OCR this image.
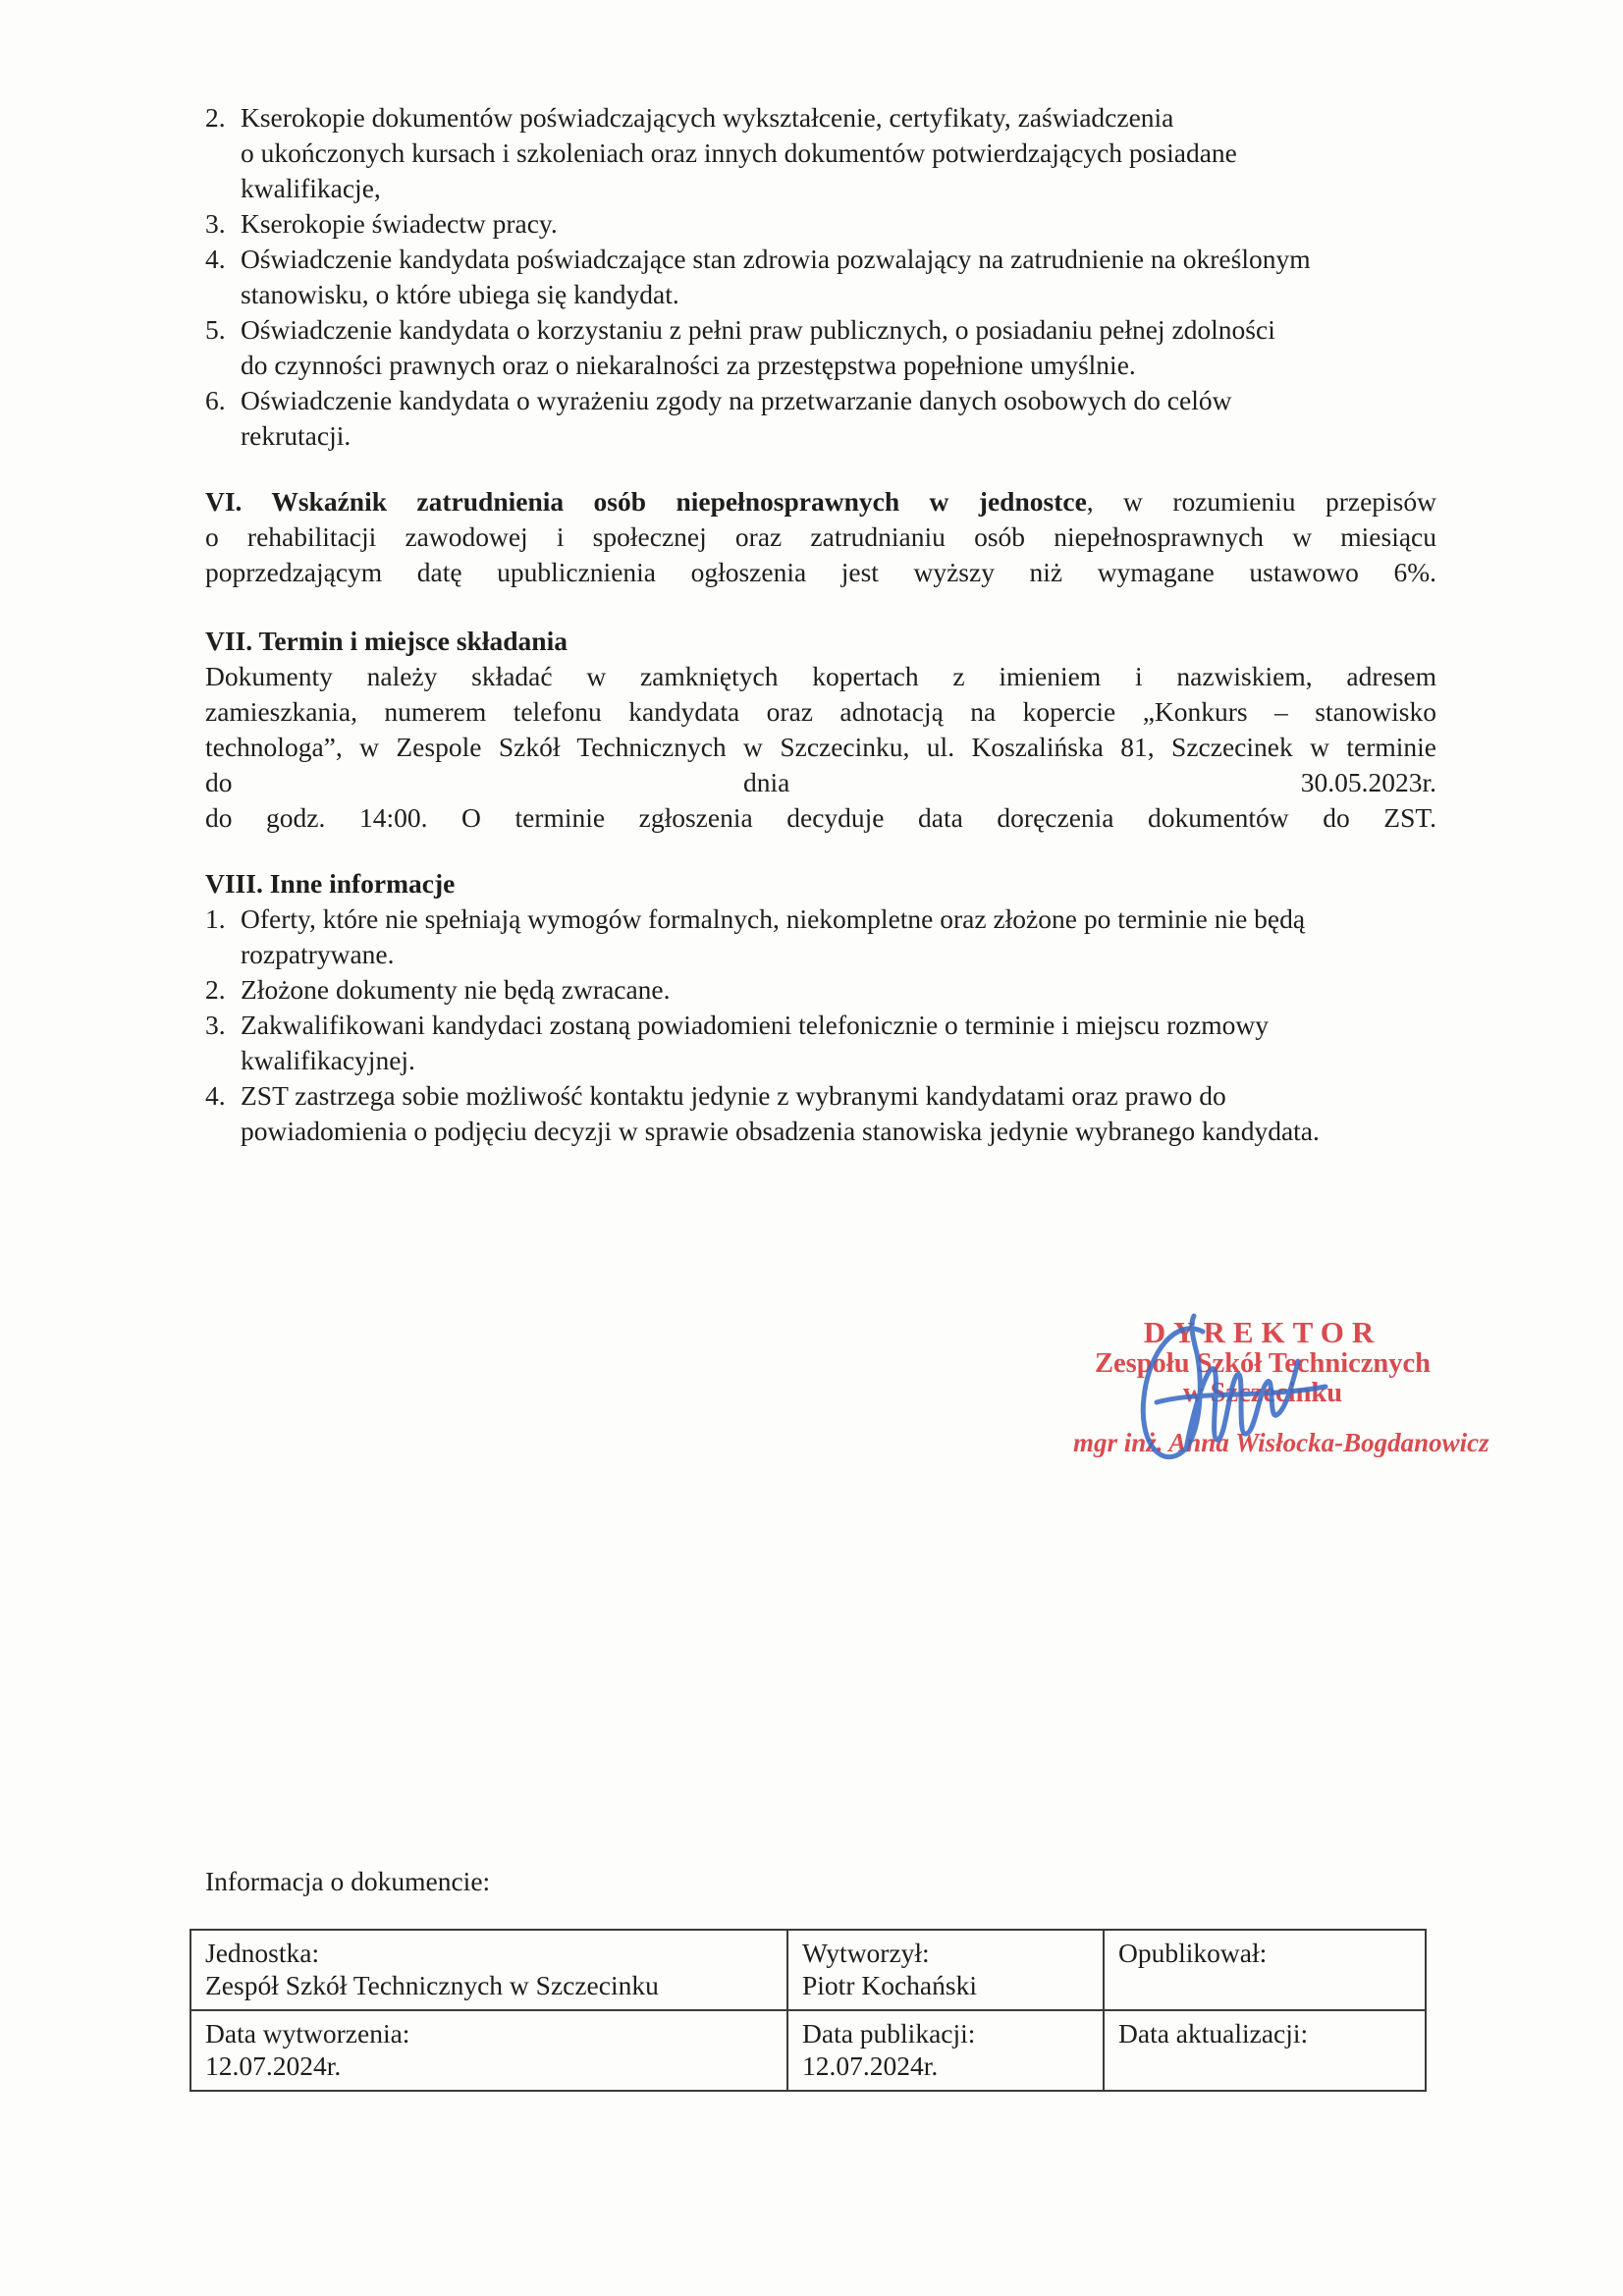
2. Kserokopie dokumentów poświadczających wykształcenie, certyfikaty, zaświadczenia
o ukończonych kursach i szkoleniach oraz innych dokumentów potwierdzających posiadane
kwalifikacje,
3. Kserokopie świadectw pracy.
4. Oświadczenie kandydata poświadczające stan zdrowia pozwalający na zatrudnienie na określonym
stanowisku, o które ubiega się kandydat.
5. Oświadczenie kandydata o korzystaniu z pełni praw publicznych, o posiadaniu pełnej zdolności
do czynności prawnych oraz o niekaralności za przestępstwa popełnione umyślnie.
6. Oświadczenie kandydata o wyrażeniu zgody na przetwarzanie danych osobowych do celów
rekrutacji.
VI. Wskaźnik zatrudnienia osób niepełnosprawnych w jednostce, w rozumieniu przepisów
o rehabilitacji zawodowej i społecznej oraz zatrudnianiu osób niepełnosprawnych w miesiącu
poprzedzającym datę upublicznienia ogłoszenia jest wyższy niż wymagane ustawowo 6%.
VII. Termin i miejsce składania
Dokumenty należy składać w zamkniętych kopertach z imieniem i nazwiskiem, adresem
zamieszkania, numerem telefonu kandydata oraz adnotacją na kopercie „Konkurs – stanowisko
technologa”, w Zespole Szkół Technicznych w Szczecinku, ul. Koszalińska 81, Szczecinek w terminie
do dnia 30.05.2023r.
do godz. 14:00. O terminie zgłoszenia decyduje data doręczenia dokumentów do ZST.
VIII. Inne informacje
1. Oferty, które nie spełniają wymogów formalnych, niekompletne oraz złożone po terminie nie będą
rozpatrywane.
2. Złożone dokumenty nie będą zwracane.
3. Zakwalifikowani kandydaci zostaną powiadomieni telefonicznie o terminie i miejscu rozmowy
kwalifikacyjnej.
4. ZST zastrzega sobie możliwość kontaktu jedynie z wybranymi kandydatami oraz prawo do
powiadomienia o podjęciu decyzji w sprawie obsadzenia stanowiska jedynie wybranego kandydata.
DYREKTOR
Zespołu Szkół Technicznych
w Szczecinku
mgr inż. Anna Wisłocka-Bogdanowicz
Informacja o dokumencie:
Jednostka:
Zespół Szkół Technicznych w Szczecinku

Wytworzył:
Piotr Kochański

Opublikował:

Data wytworzenia:
12.07.2024r.

Data publikacji:
12.07.2024r.

Data aktualizacji:
